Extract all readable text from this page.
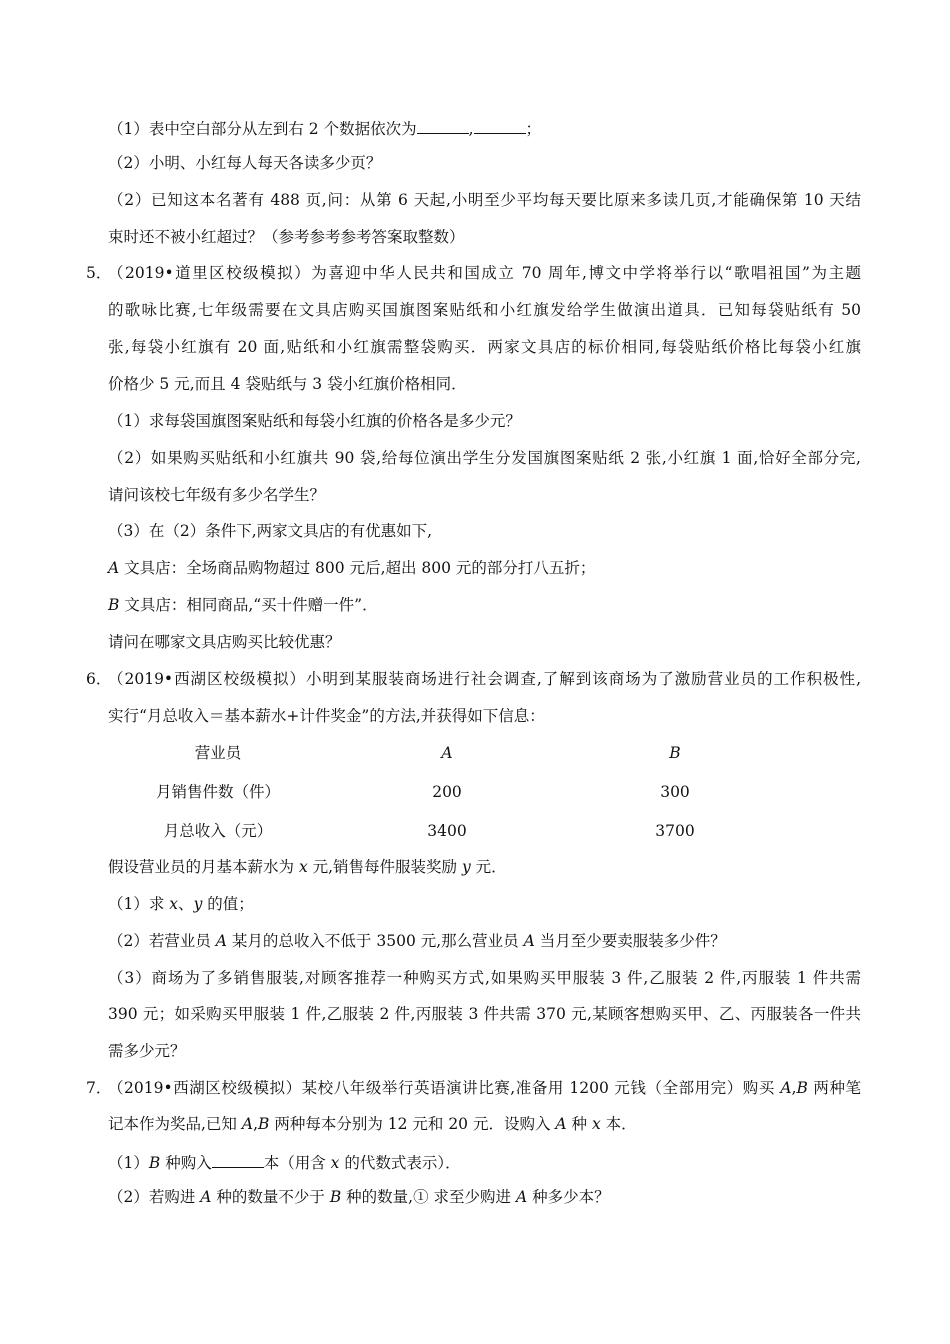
（1）表中空白部分从左到右 2 个数据依次为	,	；
（2）小明、小红每人每天各读多少页？
（2）已知这本名著有 488 页,问：从第 6 天起,小明至少平均每天要比原来多读几页,才能确保第 10 天结
束时还不被小红超过？（参考参考参考答案取整数）
5．
（2019•道里区校级模拟）为喜迎中华人民共和国成立 70 周年,博文中学将举行以“歌唱祖国”为主题
的歌咏比赛,七年级需要在文具店购买国旗图案贴纸和小红旗发给学生做演出道具．已知每袋贴纸有 50
张,每袋小红旗有 20 面,贴纸和小红旗需整袋购买．两家文具店的标价相同,每袋贴纸价格比每袋小红旗
价格少 5 元,而且 4 袋贴纸与 3 袋小红旗价格相同．
（1）求每袋国旗图案贴纸和每袋小红旗的价格各是多少元？
（2）如果购买贴纸和小红旗共 90 袋,给每位演出学生分发国旗图案贴纸 2 张,小红旗 1 面,恰好全部分完,
请问该校七年级有多少名学生？
（3）在（2）条件下,两家文具店的有优惠如下,
A 文具店：全场商品购物超过 800 元后,超出 800 元的部分打八五折；
B 文具店：相同商品,“买十件赠一件”．
请问在哪家文具店购买比较优惠？
6．
（2019•西湖区校级模拟）小明到某服装商场进行社会调查,了解到该商场为了激励营业员的工作积极性,
实行“月总收入＝基本薪水+计件奖金”的方法,并获得如下信息：
营业员	A	B
月销售件数（件）	200	300
月总收入（元）	3400	3700
假设营业员的月基本薪水为 x 元,销售每件服装奖励 y 元．
（1）求 x、y 的值；
（2）若营业员 A 某月的总收入不低于 3500 元,那么营业员 A 当月至少要卖服装多少件？
（3）商场为了多销售服装,对顾客推荐一种购买方式,如果购买甲服装 3 件,乙服装 2 件,丙服装 1 件共需
390 元；如采购买甲服装 1 件,乙服装 2 件,丙服装 3 件共需 370 元,某顾客想购买甲、乙、丙服装各一件共
需多少元？
7．
（2019•西湖区校级模拟）某校八年级举行英语演讲比赛,准备用 1200 元钱（全部用完）购买 A,B 两种笔
记本作为奖品,已知 A,B 两种每本分别为 12 元和 20 元．设购入 A 种 x 本．
（1）B 种购入	本（用含 x 的代数式表示）．
（2）若购进 A 种的数量不少于 B 种的数量,① 求至少购进 A 种多少本？
